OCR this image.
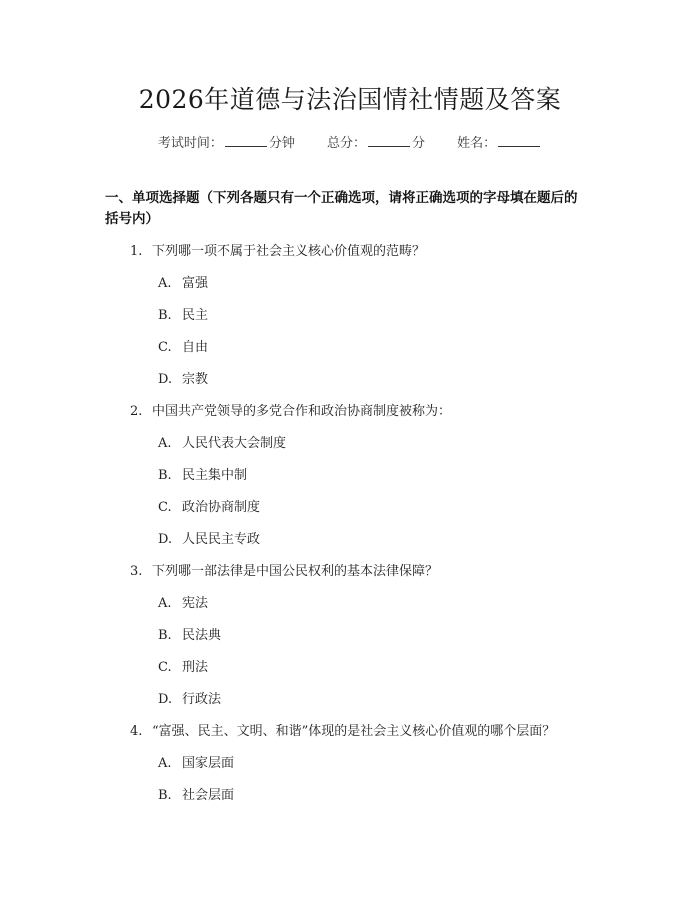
2026年道德与法治国情社情题及答案
考试时间：	分钟 总分：	分 姓名：
一、单项选择题（下列各题只有一个正确选项，请将正确选项的字母填在题后的
括号内）
1. 下列哪一项不属于社会主义核心价值观的范畴？
A. 富强
B. 民主
C. 自由
D. 宗教
2. 中国共产党领导的多党合作和政治协商制度被称为：
A. 人民代表大会制度
B. 民主集中制
C. 政治协商制度
D. 人民民主专政
3. 下列哪一部法律是中国公民权利的基本法律保障？
A. 宪法
B. 民法典
C. 刑法
D. 行政法
4. “富强、民主、文明、和谐”体现的是社会主义核心价值观的哪个层面？
A. 国家层面
B. 社会层面
